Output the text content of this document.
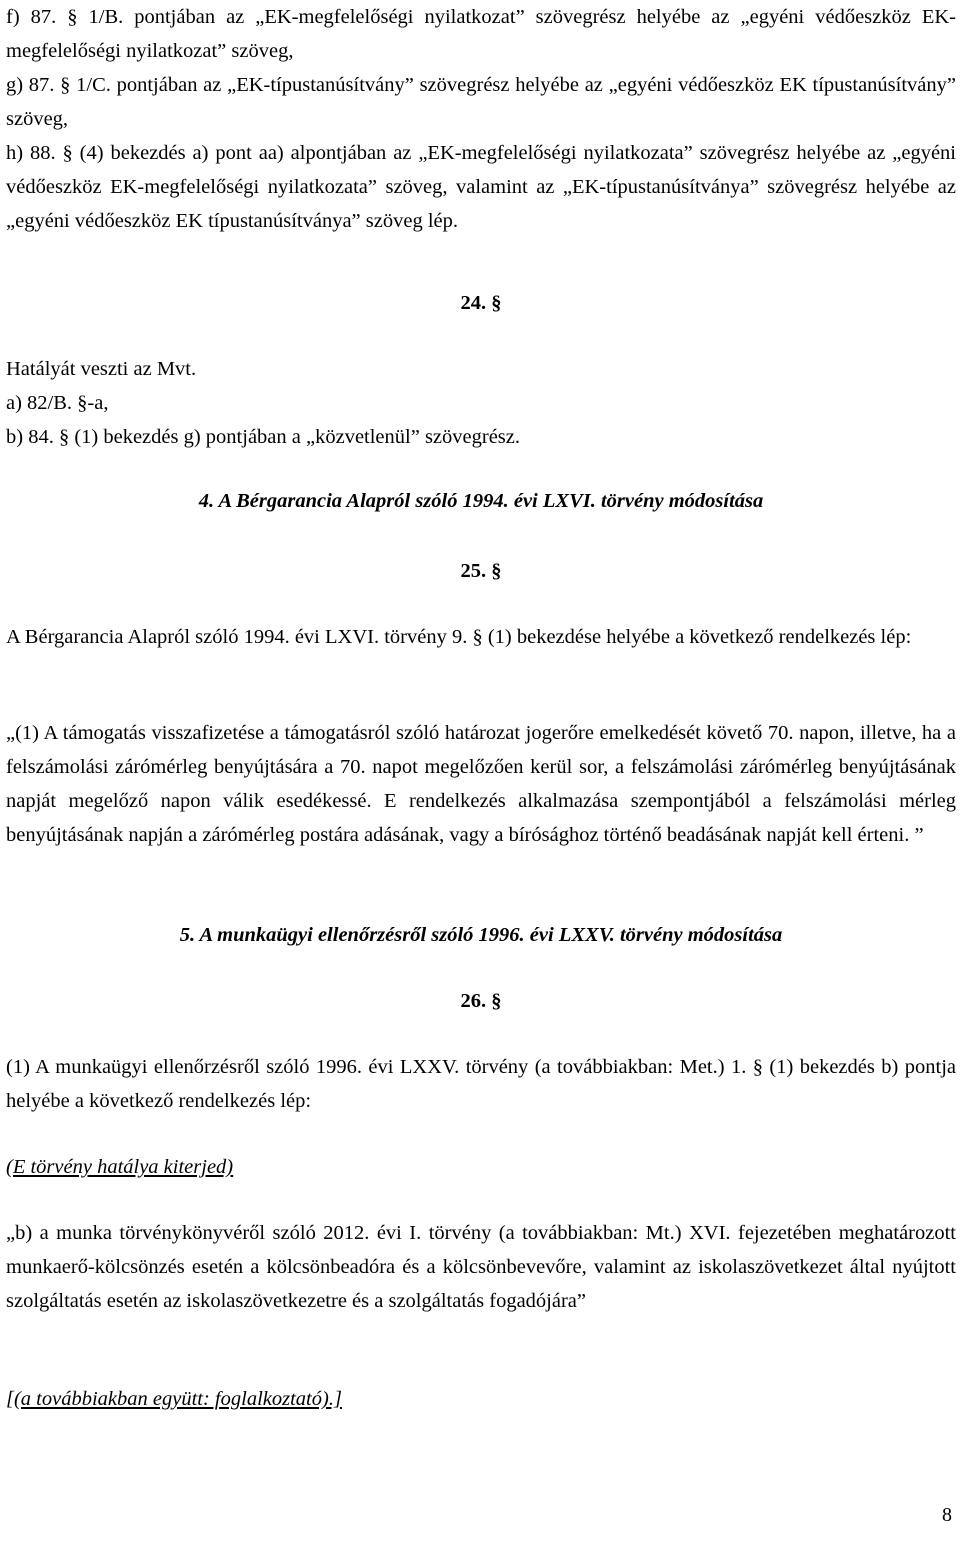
f) 87. § 1/B. pontjában az „EK-megfelelőségi nyilatkozat” szövegrész helyébe az „egyéni védőeszköz EK-megfelelőségi nyilatkozat” szöveg,

g) 87. § 1/C. pontjában az „EK-típustanúsítvány” szövegrész helyébe az „egyéni védőeszköz EK típustanúsítvány” szöveg,

h) 88. § (4) bekezdés a) pont aa) alpontjában az „EK-megfelelőségi nyilatkozata” szövegrész helyébe az „egyéni védőeszköz EK-megfelelőségi nyilatkozata” szöveg, valamint az „EK-típustanúsítványa” szövegrész helyébe az „egyéni védőeszköz EK típustanúsítványa” szöveg lép.

24. §

Hatályát veszti az Mvt.

a) 82/B. §-a,

b) 84. § (1) bekezdés g) pontjában a „közvetlenül” szövegrész.

4. A Bérgarancia Alapról szóló 1994. évi LXVI. törvény módosítása

25. §

A Bérgarancia Alapról szóló 1994. évi LXVI. törvény 9. § (1) bekezdése helyébe a következő rendelkezés lép:

„(1) A támogatás visszafizetése a támogatásról szóló határozat jogerőre emelkedését követő 70. napon, illetve, ha a felszámolási zárómérleg benyújtására a 70. napot megelőzően kerül sor, a felszámolási zárómérleg benyújtásának napját megelőző napon válik esedékessé. E rendelkezés alkalmazása szempontjából a felszámolási mérleg benyújtásának napján a zárómérleg postára adásának, vagy a bírósághoz történő beadásának napját kell érteni. ”

5. A munkaügyi ellenőrzésről szóló 1996. évi LXXV. törvény módosítása

26. §

(1) A munkaügyi ellenőrzésről szóló 1996. évi LXXV. törvény (a továbbiakban: Met.) 1. § (1) bekezdés b) pontja helyébe a következő rendelkezés lép:

(E törvény hatálya kiterjed)

„b) a munka törvénykönyvéről szóló 2012. évi I. törvény (a továbbiakban: Mt.) XVI. fejezetében meghatározott munkaerő-kölcsönzés esetén a kölcsönbeadóra és a kölcsönbevevőre, valamint az iskolaszövetkezet által nyújtott szolgáltatás esetén az iskolaszövetkezetre és a szolgáltatás fogadójára”

[(a továbbiakban együtt: foglalkoztató).]

8
